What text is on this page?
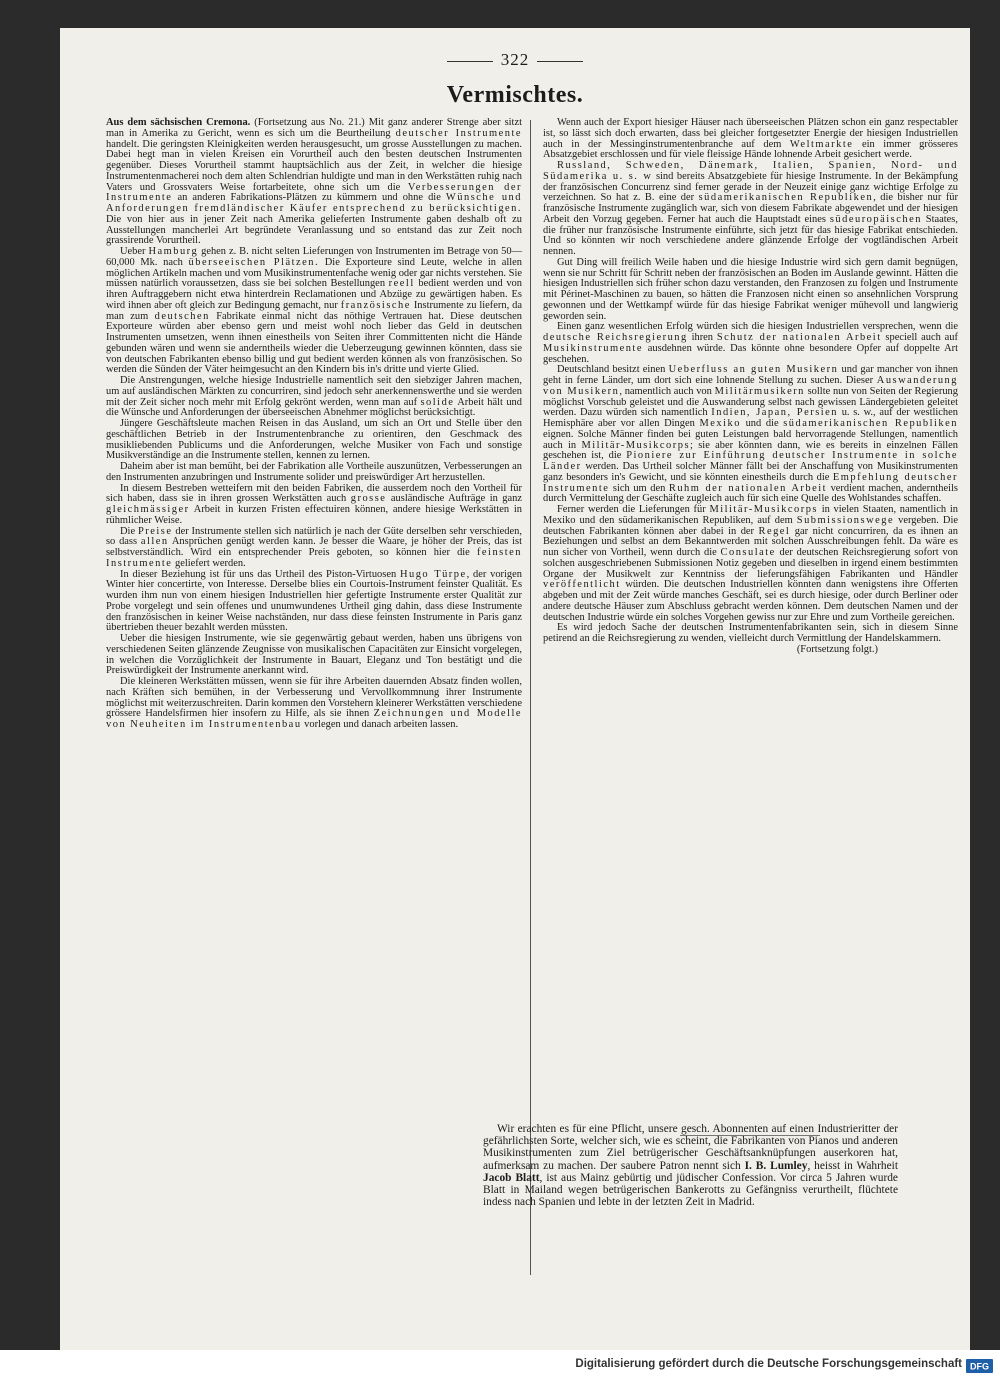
322
Vermischtes.

Aus dem sächsischen Cremona. (Fortsetzung aus No. 21.) Mit ganz anderer Strenge aber sitzt man in Amerika zu Gericht, wenn es sich um die Beurtheilung deutscher Instrumente handelt. Die geringsten Kleinigkeiten werden herausgesucht, um grosse Ausstellungen zu machen. Dabei hegt man in vielen Kreisen ein Vorurtheil auch den besten deutschen Instrumenten gegenüber. Dieses Vorurtheil stammt hauptsächlich aus der Zeit, in welcher die hiesige Instrumentenmacherei noch dem alten Schlendrian huldigte und man in den Werkstätten ruhig nach Vaters und Grossvaters Weise fortarbeitete, ohne sich um die Verbesserungen der Instrumente an anderen Fabrikations-Plätzen zu kümmern und ohne die Wünsche und Anforderungen fremdländischer Käufer entsprechend zu berücksichtigen. Die von hier aus in jener Zeit nach Amerika gelieferten Instrumente gaben deshalb oft zu Ausstellungen mancherlei Art begründete Veranlassung und so entstand das zur Zeit noch grassirende Vorurtheil.

Ueber Hamburg gehen z. B. nicht selten Lieferungen von Instrumenten im Betrage von 50—60,000 Mk. nach überseeischen Plätzen. Die Exporteure sind Leute, welche in allen möglichen Artikeln machen und vom Musikinstrumentenfache wenig oder gar nichts verstehen. Sie müssen natürlich voraussetzen, dass sie bei solchen Bestellungen reell bedient werden und von ihren Auftraggebern nicht etwa hinterdrein Reclamationen und Abzüge zu gewärtigen haben. Es wird ihnen aber oft gleich zur Bedingung gemacht, nur französische Instrumente zu liefern, da man zum deutschen Fabrikate einmal nicht das nöthige Vertrauen hat. Diese deutschen Exporteure würden aber ebenso gern und meist wohl noch lieber das Geld in deutschen Instrumenten umsetzen, wenn ihnen einestheils von Seiten ihrer Committenten nicht die Hände gebunden wären und wenn sie anderntheils wieder die Ueberzeugung gewinnen könnten, dass sie von deutschen Fabrikanten ebenso billig und gut bedient werden können als von französischen. So werden die Sünden der Väter heimgesucht an den Kindern bis in's dritte und vierte Glied.

Die Anstrengungen, welche hiesige Industrielle namentlich seit den siebziger Jahren machen, um auf ausländischen Märkten zu concurriren, sind jedoch sehr anerkennenswerthe und sie werden mit der Zeit sicher noch mehr mit Erfolg gekrönt werden, wenn man auf solide Arbeit hält und die Wünsche und Anforderungen der überseeischen Abnehmer möglichst berücksichtigt.

Jüngere Geschäftsleute machen Reisen in das Ausland, um sich an Ort und Stelle über den geschäftlichen Betrieb in der Instrumentenbranche zu orientiren, den Geschmack des musikliebenden Publicums und die Anforderungen, welche Musiker von Fach und sonstige Musikverständige an die Instrumente stellen, kennen zu lernen.

Daheim aber ist man bemüht, bei der Fabrikation alle Vortheile auszunützen, Verbesserungen an den Instrumenten anzubringen und Instrumente solider und preiswürdiger Art herzustellen.

In diesem Bestreben wetteifern mit den beiden Fabriken, die ausserdem noch den Vortheil für sich haben, dass sie in ihren grossen Werkstätten auch grosse ausländische Aufträge in ganz gleichmässiger Arbeit in kurzen Fristen effectuiren können, andere hiesige Werkstätten in rühmlicher Weise.

Die Preise der Instrumente stellen sich natürlich je nach der Güte derselben sehr verschieden, so dass allen Ansprüchen genügt werden kann. Je besser die Waare, je höher der Preis, das ist selbstverständlich. Wird ein entsprechender Preis geboten, so können hier die feinsten Instrumente geliefert werden.

In dieser Beziehung ist für uns das Urtheil des Piston-Virtuosen Hugo Türpe, der vorigen Winter hier concertirte, von Interesse. Derselbe blies ein Courtois-Instrument feinster Qualität. Es wurden ihm nun von einem hiesigen Industriellen hier gefertigte Instrumente erster Qualität zur Probe vorgelegt und sein offenes und unumwundenes Urtheil ging dahin, dass diese Instrumente den französischen in keiner Weise nachständen, nur dass diese feinsten Instrumente in Paris ganz übertrieben theuer bezahlt werden müssten.

Ueber die hiesigen Instrumente, wie sie gegenwärtig gebaut werden, haben uns übrigens von verschiedenen Seiten glänzende Zeugnisse von musikalischen Capacitäten zur Einsicht vorgelegen, in welchen die Vorzüglichkeit der Instrumente in Bauart, Eleganz und Ton bestätigt und die Preiswürdigkeit der Instrumente anerkannt wird.

Die kleineren Werkstätten müssen, wenn sie für ihre Arbeiten dauernden Absatz finden wollen, nach Kräften sich bemühen, in der Verbesserung und Vervollkommnung ihrer Instrumente möglichst mit weiterzuschreiten. Darin kommen den Vorstehern kleinerer Werkstätten verschiedene grössere Handelsfirmen hier insofern zu Hilfe, als sie ihnen Zeichnungen und Modelle von Neuheiten im Instrumentenbau vorlegen und danach arbeiten lassen.

Wenn auch der Export hiesiger Häuser nach überseeischen Plätzen schon ein ganz respectabler ist, so lässt sich doch erwarten, dass bei gleicher fortgesetzter Energie der hiesigen Industriellen auch in der Messinginstrumentenbranche auf dem Weltmarkte ein immer grösseres Absatzgebiet erschlossen und für viele fleissige Hände lohnende Arbeit gesichert werde.

Russland, Schweden, Dänemark, Italien, Spanien, Nord- und Südamerika u. s. w sind bereits Absatzgebiete für hiesige Instrumente. In der Bekämpfung der französischen Concurrenz sind ferner gerade in der Neuzeit einige ganz wichtige Erfolge zu verzeichnen. So hat z. B. eine der südamerikanischen Republiken, die bisher nur für französische Instrumente zugänglich war, sich von diesem Fabrikate abgewendet und der hiesigen Arbeit den Vorzug gegeben. Ferner hat auch die Hauptstadt eines südeuropäischen Staates, die früher nur französische Instrumente einführte, sich jetzt für das hiesige Fabrikat entschieden. Und so könnten wir noch verschiedene andere glänzende Erfolge der vogtländischen Arbeit nennen.

Gut Ding will freilich Weile haben und die hiesige Industrie wird sich gern damit begnügen, wenn sie nur Schritt für Schritt neben der französischen an Boden im Auslande gewinnt. Hätten die hiesigen Industriellen sich früher schon dazu verstanden, den Franzosen zu folgen und Instrumente mit Périnet-Maschinen zu bauen, so hätten die Franzosen nicht einen so ansehnlichen Vorsprung gewonnen und der Wettkampf würde für das hiesige Fabrikat weniger mühevoll und langwierig geworden sein.

Einen ganz wesentlichen Erfolg würden sich die hiesigen Industriellen versprechen, wenn die deutsche Reichsregierung ihren Schutz der nationalen Arbeit speciell auch auf Musikinstrumente ausdehnen würde. Das könnte ohne besondere Opfer auf doppelte Art geschehen.

Deutschland besitzt einen Ueberfluss an guten Musikern und gar mancher von ihnen geht in ferne Länder, um dort sich eine lohnende Stellung zu suchen. Dieser Auswanderung von Musikern, namentlich auch von Militärmusikern sollte nun von Seiten der Regierung möglichst Vorschub geleistet und die Auswanderung selbst nach gewissen Ländergebieten geleitet werden. Dazu würden sich namentlich Indien, Japan, Persien u. s. w., auf der westlichen Hemisphäre aber vor allen Dingen Mexiko und die südamerikanischen Republiken eignen. Solche Männer finden bei guten Leistungen bald hervorragende Stellungen, namentlich auch in Militär-Musikcorps; sie aber könnten dann, wie es bereits in einzelnen Fällen geschehen ist, die Pioniere zur Einführung deutscher Instrumente in solche Länder werden. Das Urtheil solcher Männer fällt bei der Anschaffung von Musikinstrumenten ganz besonders in's Gewicht, und sie könnten einestheils durch die Empfehlung deutscher Instrumente sich um den Ruhm der nationalen Arbeit verdient machen, anderntheils durch Vermittelung der Geschäfte zugleich auch für sich eine Quelle des Wohlstandes schaffen.

Ferner werden die Lieferungen für Militär-Musikcorps in vielen Staaten, namentlich in Mexiko und den südamerikanischen Republiken, auf dem Submissionswege vergeben. Die deutschen Fabrikanten können aber dabei in der Regel gar nicht concurriren, da es ihnen an Beziehungen und selbst an dem Bekanntwerden mit solchen Ausschreibungen fehlt. Da wäre es nun sicher von Vortheil, wenn durch die Consulate der deutschen Reichsregierung sofort von solchen ausgeschriebenen Submissionen Notiz gegeben und dieselben in irgend einem bestimmten Organe der Musikwelt zur Kenntniss der lieferungsfähigen Fabrikanten und Händler veröffentlicht würden. Die deutschen Industriellen könnten dann wenigstens ihre Offerten abgeben und mit der Zeit würde manches Geschäft, sei es durch hiesige, oder durch Berliner oder andere deutsche Häuser zum Abschluss gebracht werden können. Dem deutschen Namen und der deutschen Industrie würde ein solches Vorgehen gewiss nur zur Ehre und zum Vortheile gereichen.

Es wird jedoch Sache der deutschen Instrumentenfabrikanten sein, sich in diesem Sinne petirend an die Reichsregierung zu wenden, vielleicht durch Vermittlung der Handelskammern.

(Fortsetzung folgt.)

Wir erachten es für eine Pflicht, unsere gesch. Abonnenten auf einen Industrieritter der gefährlichsten Sorte, welcher sich, wie es scheint, die Fabrikanten von Pianos und anderen Musikinstrumenten zum Ziel betrügerischer Geschäftsanknüpfungen auserkoren hat, aufmerksam zu machen. Der saubere Patron nennt sich I. B. Lumley, heisst in Wahrheit Jacob Blatt, ist aus Mainz gebürtig und jüdischer Confession. Vor circa 5 Jahren wurde Blatt in Mailand wegen betrügerischen Bankerotts zu Gefängniss verurtheilt, flüchtete indess nach Spanien und lebte in der letzten Zeit in Madrid.

Digitalisierung gefördert durch die Deutsche Forschungsgemeinschaft DFG
